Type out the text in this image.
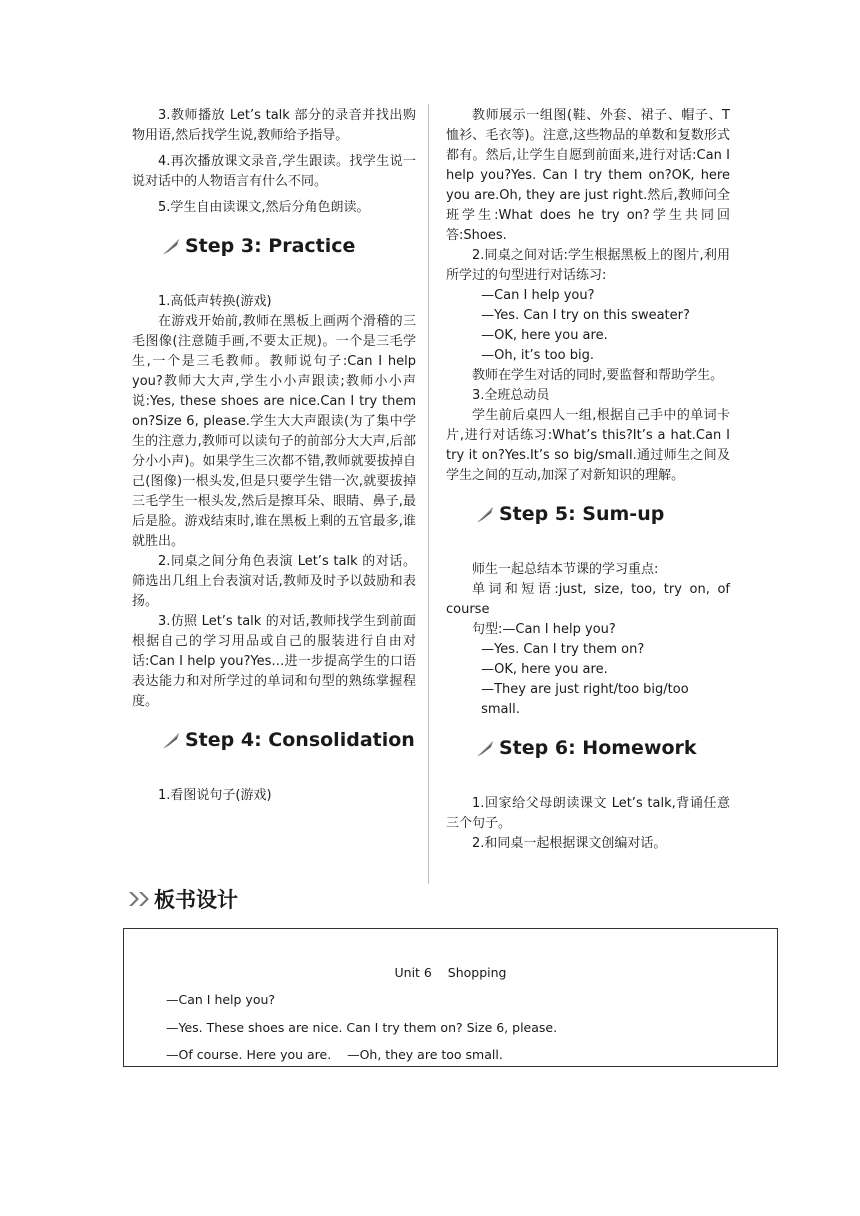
3.教师播放 Let’s talk 部分的录音并找出购物用语,然后找学生说,教师给予指导。

4.再次播放课文录音,学生跟读。找学生说一说对话中的人物语言有什么不同。

5.学生自由读课文,然后分角色朗读。

Step 3: Practice

1.高低声转换(游戏)

在游戏开始前,教师在黑板上画两个滑稽的三毛图像(注意随手画,不要太正规)。一个是三毛学生,一个是三毛教师。教师说句子:Can I help you?教师大大声,学生小小声跟读;教师小小声说:Yes, these shoes are nice.Can I try them on?Size 6, please.学生大大声跟读(为了集中学生的注意力,教师可以读句子的前部分大大声,后部分小小声)。如果学生三次都不错,教师就要拔掉自己(图像)一根头发,但是只要学生错一次,就要拔掉三毛学生一根头发,然后是擦耳朵、眼睛、鼻子,最后是脸。游戏结束时,谁在黑板上剩的五官最多,谁就胜出。

2.同桌之间分角色表演 Let’s talk 的对话。筛选出几组上台表演对话,教师及时予以鼓励和表扬。

3.仿照 Let’s talk 的对话,教师找学生到前面根据自己的学习用品或自己的服装进行自由对话:Can I help you?Yes…进一步提高学生的口语表达能力和对所学过的单词和句型的熟练掌握程度。

Step 4: Consolidation

1.看图说句子(游戏)

教师展示一组图(鞋、外套、裙子、帽子、T 恤衫、毛衣等)。注意,这些物品的单数和复数形式都有。然后,让学生自愿到前面来,进行对话:Can I help you?Yes. Can I try them on?OK, here you are.Oh, they are just right.然后,教师问全班学生:What does he try on?学生共同回答:Shoes.

2.同桌之间对话:学生根据黑板上的图片,利用所学过的句型进行对话练习:

—Can I help you?

—Yes. Can I try on this sweater?

—OK, here you are.

—Oh, it’s too big.

教师在学生对话的同时,要监督和帮助学生。

3.全班总动员

学生前后桌四人一组,根据自己手中的单词卡片,进行对话练习:What’s this?It’s a hat.Can I try it on?Yes.It’s so big/small.通过师生之间及学生之间的互动,加深了对新知识的理解。

Step 5: Sum-up

师生一起总结本节课的学习重点:

单词和短语:just, size, too, try on, of course

句型:—Can I help you?

—Yes. Can I try them on?

—OK, here you are.

—They are just right/too big/too small.

Step 6: Homework

1.回家给父母朗读课文 Let’s talk,背诵任意三个句子。

2.和同桌一起根据课文创编对话。

板书设计
Unit 6    Shopping
—Can I help you?
—Yes. These shoes are nice. Can I try them on? Size 6, please.
—Of course. Here you are.    —Oh, they are too small.
